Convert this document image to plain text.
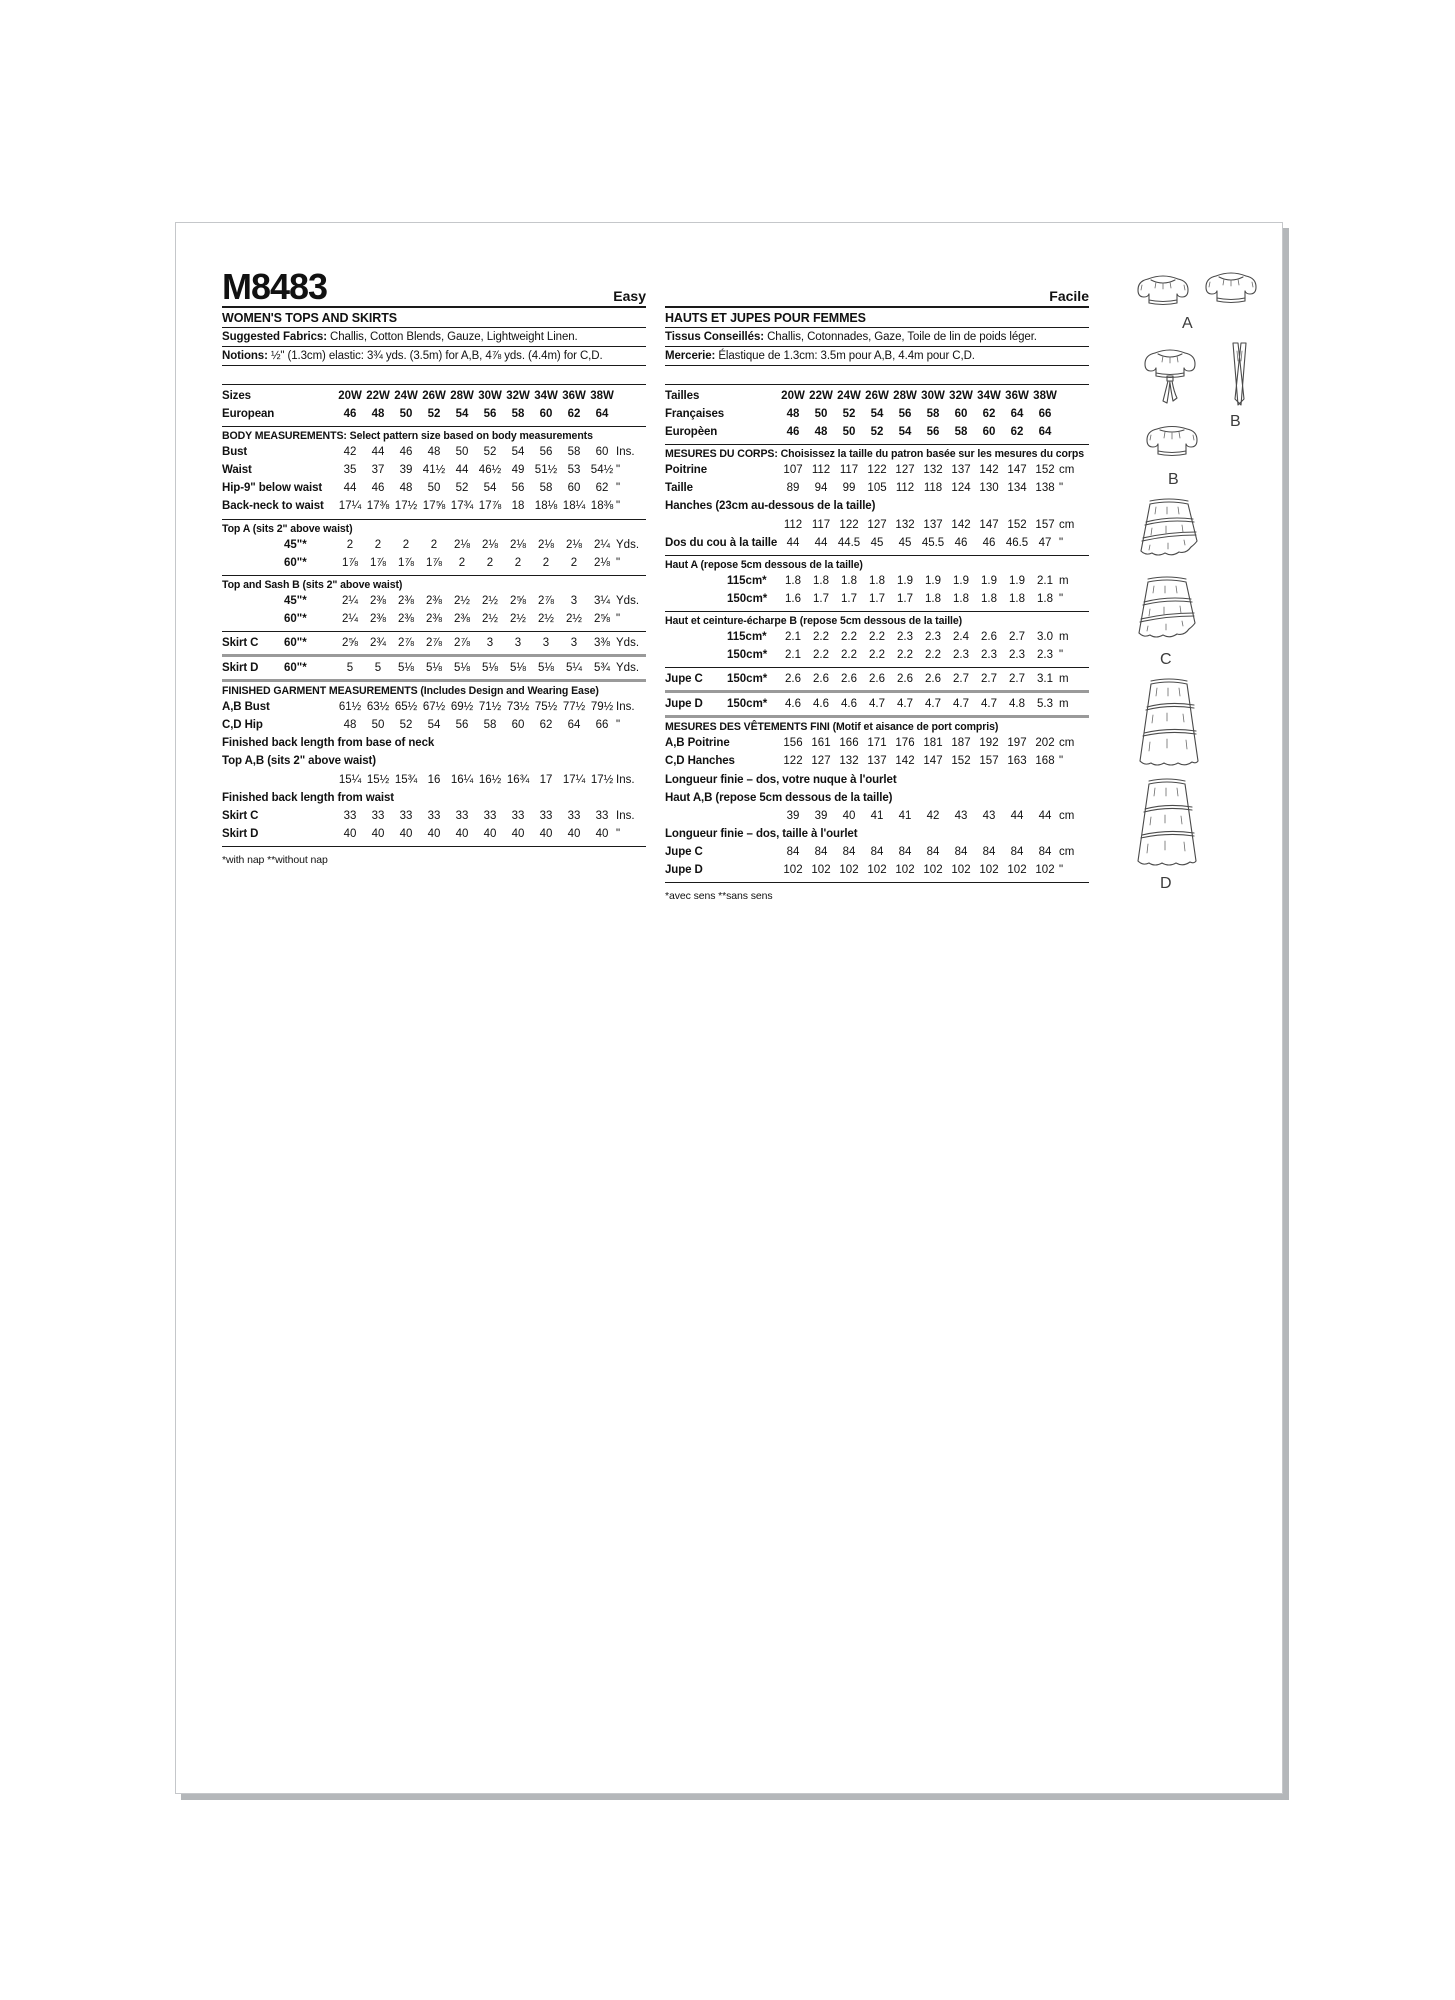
M8483	Easy
WOMEN'S TOPS AND SKIRTS
Suggested Fabrics: Challis, Cotton Blends, Gauze, Lightweight Linen.
Notions: ½" (1.3cm) elastic: 3¾ yds. (3.5m) for A,B, 4⅞ yds. (4.4m) for C,D.
Sizes	20W	22W	24W	26W	28W	30W	32W	34W	36W	38W	
European	46	48	50	52	54	56	58	60	62	64	
BODY MEASUREMENTS: Select pattern size based on body measurements
Bust	42	44	46	48	50	52	54	56	58	60	Ins.
Waist	35	37	39	41½	44	46½	49	51½	53	54½	"
Hip-9" below waist	44	46	48	50	52	54	56	58	60	62	"
Back-neck to waist	17¼	17⅜	17½	17⅝	17¾	17⅞	18	18⅛	18¼	18⅜	"
Top A (sits 2" above waist)
	45"*	2	2	2	2	2⅛	2⅛	2⅛	2⅛	2⅛	2¼	Yds.
	60"*	1⅞	1⅞	1⅞	1⅞	2	2	2	2	2	2⅛	"
Top and Sash B (sits 2" above waist)
	45"*	2¼	2⅜	2⅜	2⅜	2½	2½	2⅝	2⅞	3	3¼	Yds.
	60"*	2¼	2⅜	2⅜	2⅜	2⅜	2½	2½	2½	2½	2⅝	"
Skirt C	60"*	2⅝	2¾	2⅞	2⅞	2⅞	3	3	3	3	3⅜	Yds.
Skirt D	60"*	5	5	5⅛	5⅛	5⅛	5⅛	5⅛	5⅛	5¼	5¾	Yds.
FINISHED GARMENT MEASUREMENTS (Includes Design and Wearing Ease)
A,B Bust	61½	63½	65½	67½	69½	71½	73½	75½	77½	79½	Ins.
C,D Hip	48	50	52	54	56	58	60	62	64	66	"
Finished back length from base of neck											
Top A,B (sits 2" above waist)											
	15¼	15½	15¾	16	16¼	16½	16¾	17	17¼	17½	Ins.
Finished back length from waist											
Skirt C	33	33	33	33	33	33	33	33	33	33	Ins.
Skirt D	40	40	40	40	40	40	40	40	40	40	"
*with nap **without nap
Facile
HAUTS ET JUPES POUR FEMMES
Tissus Conseillés: Challis, Cotonnades, Gaze, Toile de lin de poids léger.
Mercerie: Élastique de 1.3cm: 3.5m pour A,B, 4.4m pour C,D.
Tailles	20W	22W	24W	26W	28W	30W	32W	34W	36W	38W	
Françaises	48	50	52	54	56	58	60	62	64	66	
Europèen	46	48	50	52	54	56	58	60	62	64	
MESURES DU CORPS: Choisissez la taille du patron basée sur les mesures du corps
Poitrine	107	112	117	122	127	132	137	142	147	152	cm
Taille	89	94	99	105	112	118	124	130	134	138	"
Hanches (23cm au-dessous de la taille)											
	112	117	122	127	132	137	142	147	152	157	cm
Dos du cou à la taille	44	44	44.5	45	45	45.5	46	46	46.5	47	"
Haut A (repose 5cm dessous de la taille)
	115cm*	1.8	1.8	1.8	1.8	1.9	1.9	1.9	1.9	1.9	2.1	m
	150cm*	1.6	1.7	1.7	1.7	1.7	1.8	1.8	1.8	1.8	1.8	"
Haut et ceinture-écharpe B (repose 5cm dessous de la taille)
	115cm*	2.1	2.2	2.2	2.2	2.3	2.3	2.4	2.6	2.7	3.0	m
	150cm*	2.1	2.2	2.2	2.2	2.2	2.2	2.3	2.3	2.3	2.3	"
Jupe C	150cm*	2.6	2.6	2.6	2.6	2.6	2.6	2.7	2.7	2.7	3.1	m
Jupe D	150cm*	4.6	4.6	4.6	4.7	4.7	4.7	4.7	4.7	4.8	5.3	m
MESURES DES VÊTEMENTS FINI (Motif et aisance de port compris)
A,B Poitrine	156	161	166	171	176	181	187	192	197	202	cm
C,D Hanches	122	127	132	137	142	147	152	157	163	168	"
Longueur finie – dos, votre nuque à l'ourlet											
Haut A,B (repose 5cm dessous de la taille)											
	39	39	40	41	41	42	43	43	44	44	cm
Longueur finie – dos, taille à l'ourlet											
Jupe C	84	84	84	84	84	84	84	84	84	84	cm
Jupe D	102	102	102	102	102	102	102	102	102	102	"
*avec sens **sans sens
A
B
B
C
D
